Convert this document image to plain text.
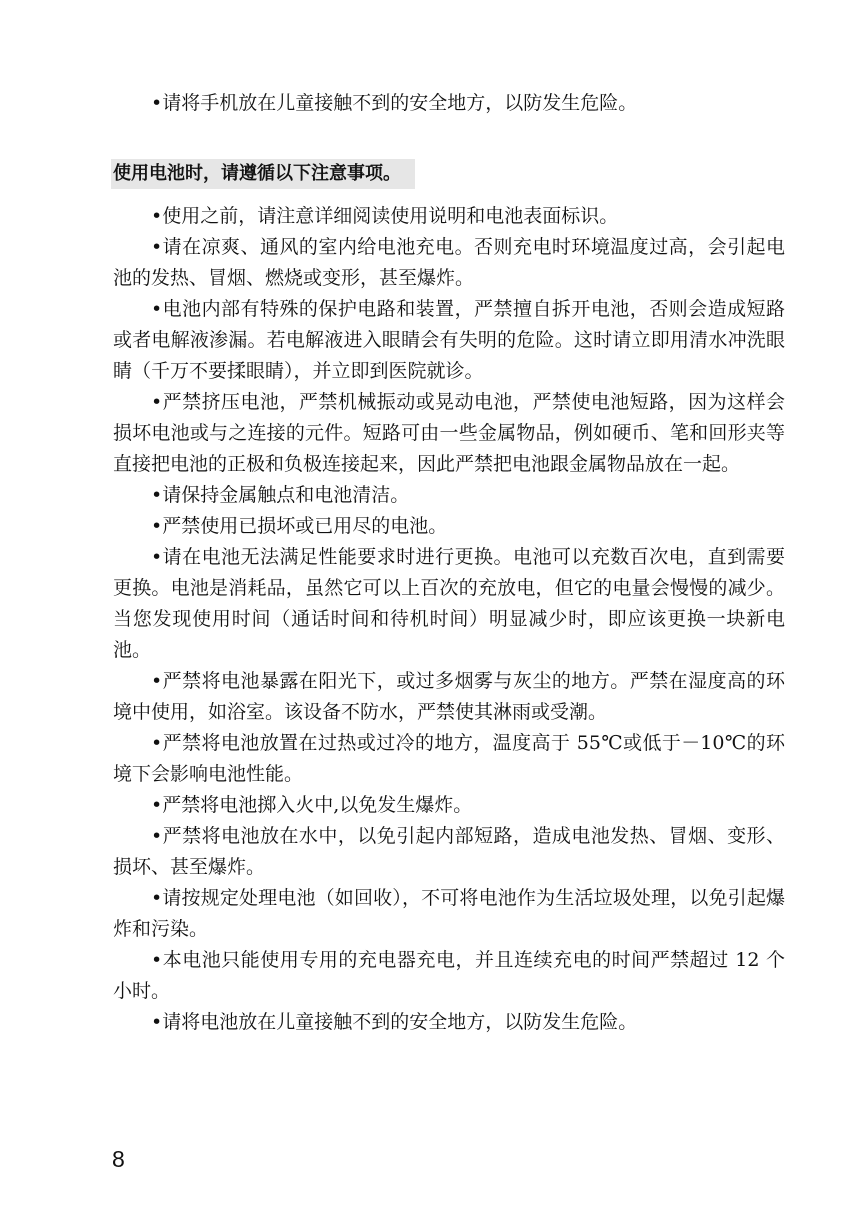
•请将手机放在儿童接触不到的安全地方，以防发生危险。

使用电池时，请遵循以下注意事项。

•使用之前，请注意详细阅读使用说明和电池表面标识。

•请在凉爽、通风的室内给电池充电。否则充电时环境温度过高，会引起电池的发热、冒烟、燃烧或变形，甚至爆炸。

•电池内部有特殊的保护电路和装置，严禁擅自拆开电池，否则会造成短路或者电解液渗漏。若电解液进入眼睛会有失明的危险。这时请立即用清水冲洗眼睛（千万不要揉眼睛），并立即到医院就诊。

•严禁挤压电池，严禁机械振动或晃动电池，严禁使电池短路，因为这样会损坏电池或与之连接的元件。短路可由一些金属物品，例如硬币、笔和回形夹等直接把电池的正极和负极连接起来，因此严禁把电池跟金属物品放在一起。

•请保持金属触点和电池清洁。

•严禁使用已损坏或已用尽的电池。

•请在电池无法满足性能要求时进行更换。电池可以充数百次电，直到需要更换。电池是消耗品，虽然它可以上百次的充放电，但它的电量会慢慢的减少。当您发现使用时间（通话时间和待机时间）明显减少时，即应该更换一块新电池。

•严禁将电池暴露在阳光下，或过多烟雾与灰尘的地方。严禁在湿度高的环境中使用，如浴室。该设备不防水，严禁使其淋雨或受潮。

•严禁将电池放置在过热或过冷的地方，温度高于 55℃或低于－10℃的环境下会影响电池性能。

•严禁将电池掷入火中,以免发生爆炸。

•严禁将电池放在水中，以免引起内部短路，造成电池发热、冒烟、变形、损坏、甚至爆炸。

•请按规定处理电池（如回收），不可将电池作为生活垃圾处理，以免引起爆炸和污染。

•本电池只能使用专用的充电器充电，并且连续充电的时间严禁超过 12 个小时。

•请将电池放在儿童接触不到的安全地方，以防发生危险。

8
